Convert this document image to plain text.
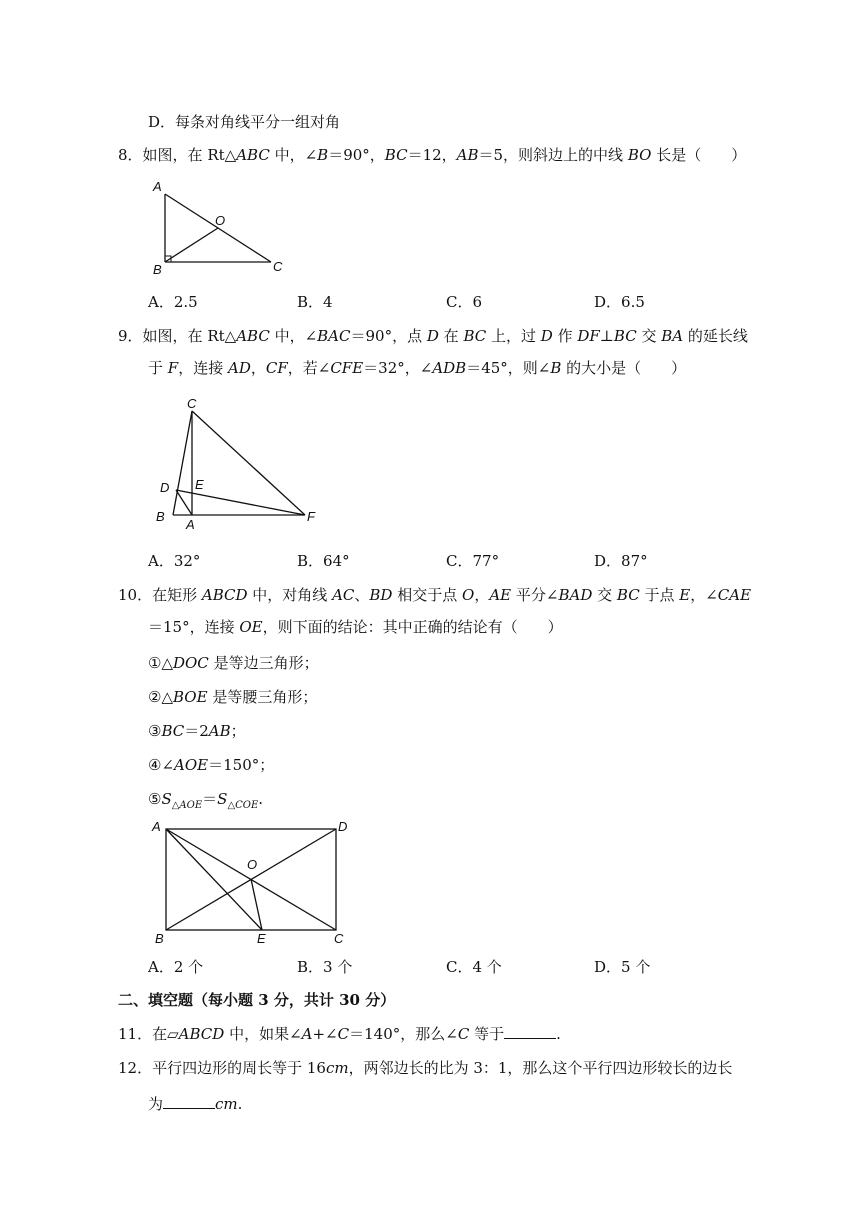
D．每条对角线平分一组对角
8．如图，在 Rt△ABC 中，∠B＝90°，BC＝12，AB＝5，则斜边上的中线 BO 长是（　　）
A
B	C
O
A．2.5	B．4	C．6	D．6.5
9．如图，在 Rt△ABC 中，∠BAC＝90°，点 D 在 BC 上，过 D 作 DF⊥BC 交 BA 的延长线
于 F，连接 AD，CF，若∠CFE＝32°，∠ADB＝45°，则∠B 的大小是（　　）
C
D E
B
A
F
A．32°	B．64°	C．77°	D．87°
10．在矩形 ABCD 中，对角线 AC、BD 相交于点 O，AE 平分∠BAD 交 BC 于点 E，∠CAE
＝15°，连接 OE，则下面的结论：其中正确的结论有（　　）
①△DOC 是等边三角形；
②△BOE 是等腰三角形；
③BC＝2AB；
④∠AOE＝150°；
$⑤S_{\triangle AOE}=S_{\triangle COE}$.
A	D
O
B	E	C
A．2 个	B．3 个	C．4 个	D．5 个
二、填空题（每小题 3 分，共计 30 分）
11．在▱ABCD 中，如果∠A+∠C＝140°，那么∠C 等于	.
12．平行四边形的周长等于 16cm，两邻边长的比为 3：1，那么这个平行四边形较长的边长
为	cm.
